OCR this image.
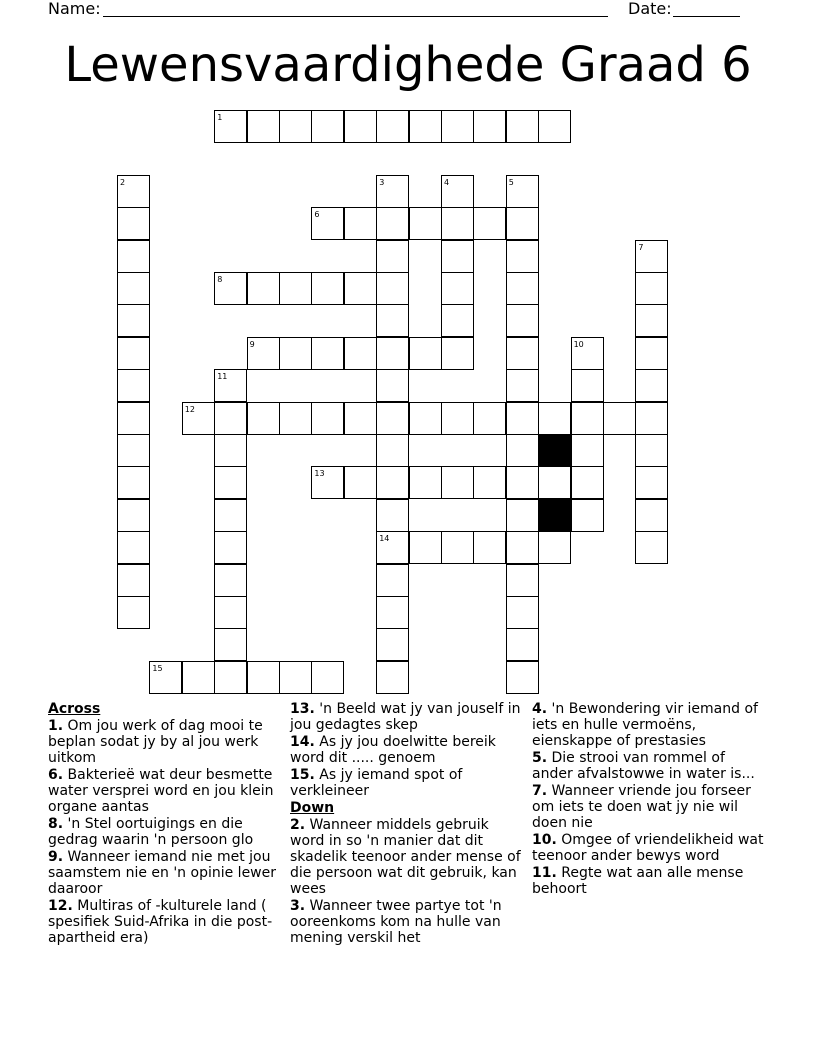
Name:	Date:
Lewensvaardighede Graad 6
1
2	3
14
4	5
6
7
8
9	10
11
12
13
15
Across
1. Om jou werk of dag mooi te beplan sodat jy by al jou werk uitkom
6. Bakterieë wat deur besmette water versprei word en jou klein organe aantas
8. 'n Stel oortuigings en die gedrag waarin 'n persoon glo
9. Wanneer iemand nie met jou saamstem nie en 'n opinie lewer daaroor
12. Multiras of -kulturele land ( spesifiek Suid-Afrika in die post-apartheid era)
13. 'n Beeld wat jy van jouself in jou gedagtes skep
14. As jy jou doelwitte bereik word dit ..... genoem
15. As jy iemand spot of verkleineer
Down
2. Wanneer middels gebruik word in so 'n manier dat dit skadelik teenoor ander mense of die persoon wat dit gebruik, kan wees
3. Wanneer twee partye tot 'n ooreenkoms kom na hulle van mening verskil het
4. 'n Bewondering vir iemand of iets en hulle vermoëns, eienskappe of prestasies
5. Die strooi van rommel of ander afvalstowwe in water is...
7. Wanneer vriende jou forseer om iets te doen wat jy nie wil doen nie
10. Omgee of vriendelikheid wat teenoor ander bewys word
11. Regte wat aan alle mense behoort
